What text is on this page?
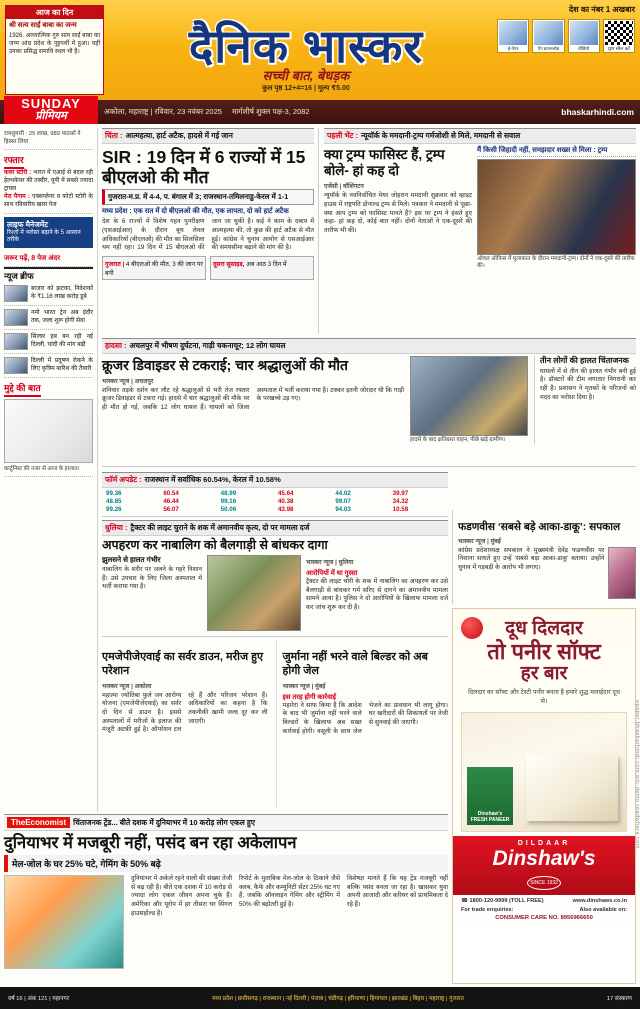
आज का दिन
श्री सत्य साईं बाबा का जन्म
1926. आध्यात्मिक गुरु सत्य साईं बाबा का जन्म आंध्र प्रदेश के पुट्टपर्थी में हुआ। यहीं उनका प्रसिद्ध समाधि स्थल भी है।	दैनिक भास्कर
सच्ची बात, बेधड़क
कुल पृष्ठ 12+4=16 | मूल्य ₹5.00
देश का नंबर 1 अखबार
ई-पेपर	ऐप डाउनलोड	वीडियो	QR स्कैन करें
SUNDAY
प्रीमियम	अकोला, महाराष्ट्र | रविवार, 23 नवंबर 2025 मार्गशीर्ष शुक्ल पक्ष-3, 2082	bhaskarhindi.com
रायशुमारी : 25 लाख, 989 पाठकों ने हिस्सा लिया
रफ्तार
कवर स्टोरी : भारत में एआई से बदल रही हेल्थकेयर की तस्वीर, यूपी में सबसे ज्यादा ट्रायल
मेरा पैगाम : एक्सप्लेनर व फोटो स्टोरी के साथ रविवारीय खास पेज
लाइफ मैनेजमेंट
रिश्तों में भरोसा बढ़ाने के 5 आसान तरीके
जरूर पढ़ें, 8 पेज अंदर
न्यूज ब्रीफ
बाजार को झटका, निवेशकों के ₹1.16 लाख करोड़ डूबे
नमो भारत ट्रेन अब इंदौर तक, जल्द शुरू होगी सेवा
सिल्वर हब बन रही नई दिल्ली, चांदी की मांग बढ़ी
दिल्ली में प्रदूषण रोकने के लिए कृत्रिम बारिश की तैयारी
मुद्दे की बात
कार्टूनिस्ट की नजर से आज के हालात।
चिंता : आत्महत्या, हार्ट अटैक, हादसे में गई जान
SIR : 19 दिन में 6 राज्यों में 15 बीएलओ की मौत
गुजरात-म.प्र. में 4-4, प. बंगाल में 3; राजस्थान-तमिलनाडु-केरल में 1-1
मध्य प्रदेश : एक रात में दो बीएलओ की मौत, एक लापता, दो को हार्ट अटैक

देश के 6 राज्यों में विशेष गहन पुनरीक्षण (एसआईआर) के दौरान बूथ लेवल अधिकारियों (बीएलओ) की मौत का सिलसिला थम नहीं रहा। 19 दिन में 15 बीएलओ की जान जा चुकी है। कई ने काम के दबाव में आत्महत्या की, तो कुछ की हार्ट अटैक से मौत हुई। कांग्रेस ने चुनाव आयोग से एसआईआर की समयसीमा बढ़ाने की मांग की है।

गुजरात | 4 बीएलओ की मौत, 3 की जान पर बनी
दूसरा सुसाइड, अब आठ 3 दिन में
पहली भेंट : न्यूयॉर्क के ममदानी-ट्रम्प गर्मजोशी से मिले, ममदानी से सवाल
क्या ट्रम्प फासिस्ट हैं, ट्रम्प बोले- हां कह दो
एजेंसी | वॉशिंगटन

न्यूयॉर्क के नवनिर्वाचित मेयर जोहरान ममदानी शुक्रवार को व्हाइट हाउस में राष्ट्रपति डोनाल्ड ट्रम्प से मिले। पत्रकार ने ममदानी से पूछा- क्या आप ट्रम्प को फासिस्ट मानते हैं? इस पर ट्रम्प ने हंसते हुए कहा- हां कह दो, कोई बात नहीं। दोनों नेताओं ने एक-दूसरे की तारीफ भी की।

मैं किसी जिहादी नहीं, समझदार शख्स से मिला : ट्रम्प
ओवल ऑफिस में मुलाकात के दौरान ममदानी-ट्रम्प। दोनों ने एक-दूसरे की तारीफ की।
हादसा : अचलपुर में भीषण दुर्घटना, गाड़ी चकनाचूर; 12 लोग घायल
क्रूजर डिवाइडर से टकराई; चार श्रद्धालुओं की मौत
भास्कर न्यूज | अचलपुर

शनिवार तड़के दर्शन कर लौट रहे श्रद्धालुओं से भरी तेज रफ्तार क्रूजर डिवाइडर से टकरा गई। हादसे में चार श्रद्धालुओं की मौके पर ही मौत हो गई, जबकि 12 लोग घायल हैं। घायलों को जिला अस्पताल में भर्ती कराया गया है। टक्कर इतनी जोरदार थी कि गाड़ी के परखच्चे उड़ गए।

हादसे के बाद क्षतिग्रस्त वाहन; पीछे खड़े ग्रामीण।
तीन लोगों की हालत चिंताजनक

घायलों में से तीन की हालत गंभीर बनी हुई है। डॉक्टरों की टीम लगातार निगरानी कर रही है। प्रशासन ने मृतकों के परिजनों को मदद का भरोसा दिया है।

फॉर्म अपडेट : राजस्थान में सर्वाधिक 60.54%, केरल में 10.58%
99.36	60.54	48.99	45.64	44.02	39.97
48.85	46.44	99.16	40.38	99.07	34.32
99.26	56.07	50.06	43.98	94.03	10.58
धुलिया : ट्रैक्टर की लाइट चुराने के शक में अमानवीय कृत्य, दो पर मामला दर्ज
अपहरण कर नाबालिग को बैलगाड़ी से बांधकर दागा
झुलसने से हालत गंभीर

नाबालिग के शरीर पर जलने के गहरे निशान हैं। उसे उपचार के लिए जिला अस्पताल में भर्ती कराया गया है।

भास्कर न्यूज | धुलिया
आरोपियों में था गुस्सा

ट्रैक्टर की लाइट चोरी के शक में नाबालिग का अपहरण कर उसे बैलगाड़ी से बांधकर गर्म सरिए से दागने का अमानवीय मामला सामने आया है। पुलिस ने दो आरोपियों के खिलाफ मामला दर्ज कर जांच शुरू कर दी है।

एमजेपीजेएवाई का सर्वर डाउन, मरीज हुए परेशान
भास्कर न्यूज | अकोला

महात्मा ज्योतिबा फुले जन आरोग्य योजना (एमजेपीजेएवाई) का सर्वर दो दिन से डाउन है। इससे अस्पतालों में मरीजों के इलाज की मंजूरी अटकी हुई है। ऑपरेशन टल रहे हैं और परिजन परेशान हैं। अधिकारियों का कहना है कि तकनीकी खामी जल्द दूर कर ली जाएगी।

जुर्माना नहीं भरने वाले बिल्डर को अब होगी जेल
भास्कर न्यूज | मुंबई
इस तरह होगी कार्रवाई

महारेरा ने साफ किया है कि आदेश के बाद भी जुर्माना नहीं भरने वाले बिल्डरों के खिलाफ अब सख्त कार्रवाई होगी। वसूली के साथ जेल भेजने का प्रावधान भी लागू होगा। घर खरीदारों की शिकायतों पर तेजी से सुनवाई की जाएगी।

फडणवीस ‘सबसे बड़े आका-डाकू’: सपकाल
भास्कर न्यूज | मुंबई

कांग्रेस प्रदेशाध्यक्ष सपकाल ने मुख्यमंत्री देवेंद्र फडणवीस पर निशाना साधते हुए उन्हें ‘सबसे बड़ा आका-डाकू’ बताया। उन्होंने चुनाव में गड़बड़ी के आरोप भी लगाए।

दूध दिलदार
तो पनीर सॉफ्ट
हर बार
दिलदार का सॉफ्ट और टेस्टी पनीर बनता है हमारे शुद्ध मलाईदार दूध से।
Dinshaw's FRESH PANEER
DILDAAR
Dinshaw's
SINCE 1932
☎ 1800-120-9999 (TOLL FREE)	www.dinshaws.co.in
For trade enquiries:	Also available on:
CONSUMER CARE NO. 8956966650
TheEconomist चिंताजनक ट्रेंड... बीते दशक में दुनियाभर में 10 करोड़ लोग एकल हुए
दुनियाभर में मजबूरी नहीं, पसंद बन रहा अकेलापन
मेल-जोल के घर 25% घटे, गेमिंग के 50% बढ़े

दुनियाभर में अकेले रहने वालों की संख्या तेजी से बढ़ रही है। बीते एक दशक में 10 करोड़ से ज्यादा लोग एकल जीवन अपना चुके हैं। अमेरिका और यूरोप में हर तीसरा घर सिंगल हाउसहोल्ड है।

रिपोर्ट के मुताबिक मेल-जोल के ठिकाने जैसे क्लब, कैफे और कम्युनिटी सेंटर 25% घट गए हैं, जबकि ऑनलाइन गेमिंग और स्ट्रीमिंग में 50% की बढ़ोतरी हुई है।

विशेषज्ञ मानते हैं कि यह ट्रेंड मजबूरी नहीं बल्कि पसंद बनता जा रहा है। खासकर युवा अपनी आजादी और करियर को प्राथमिकता दे रहे हैं।

वर्ष 16 | अंक 121 | महानगर	मध्य प्रदेश | छत्तीसगढ़ | राजस्थान | नई दिल्ली | पंजाब | चंडीगढ़ | हरियाणा | हिमाचल | झारखंड | बिहार | महाराष्ट्र | गुजरात	17 संस्करण
epaper.bhaskarhindi.com.wic-demo.readwhere.com
